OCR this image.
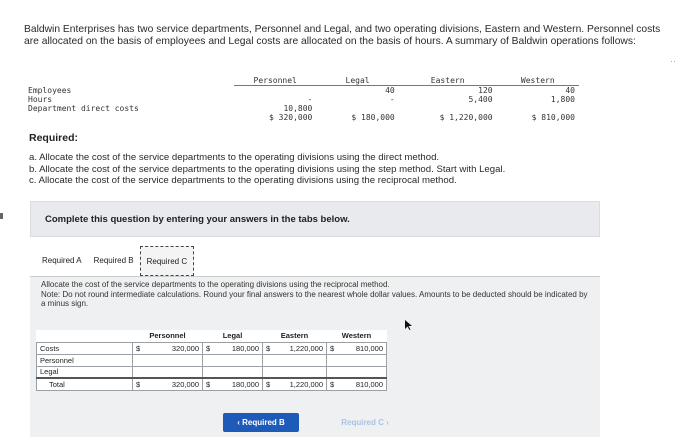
··
Baldwin Enterprises has two service departments, Personnel and Legal, and two operating divisions, Eastern and Western. Personnel costs are allocated on the basis of employees and Legal costs are allocated on the basis of hours. A summary of Baldwin operations follows:
	Personnel	Legal	Eastern	Western
Employees		40	120	40
Hours	-	-	5,400	1,800
Department direct costs	10,800			
	$ 320,000	$ 180,000	$ 1,220,000	$ 810,000
Required:
a. Allocate the cost of the service departments to the operating divisions using the direct method.
b. Allocate the cost of the service departments to the operating divisions using the step method. Start with Legal.
c. Allocate the cost of the service departments to the operating divisions using the reciprocal method.
Complete this question by entering your answers in the tabs below.
Required A	Required B	Required C
Allocate the cost of the service departments to the operating divisions using the reciprocal method.
Note: Do not round intermediate calculations. Round your final answers to the nearest whole dollar values. Amounts to be deducted should be indicated by a minus sign.
	Personnel		Legal		Eastern		Western	
Costs	$	320,000	$	180,000	$	1,220,000	$	810,000
Personnel								
Legal								
Total	$	320,000	$	180,000	$	1,220,000	$	810,000
‹ Required B	Required C ›
